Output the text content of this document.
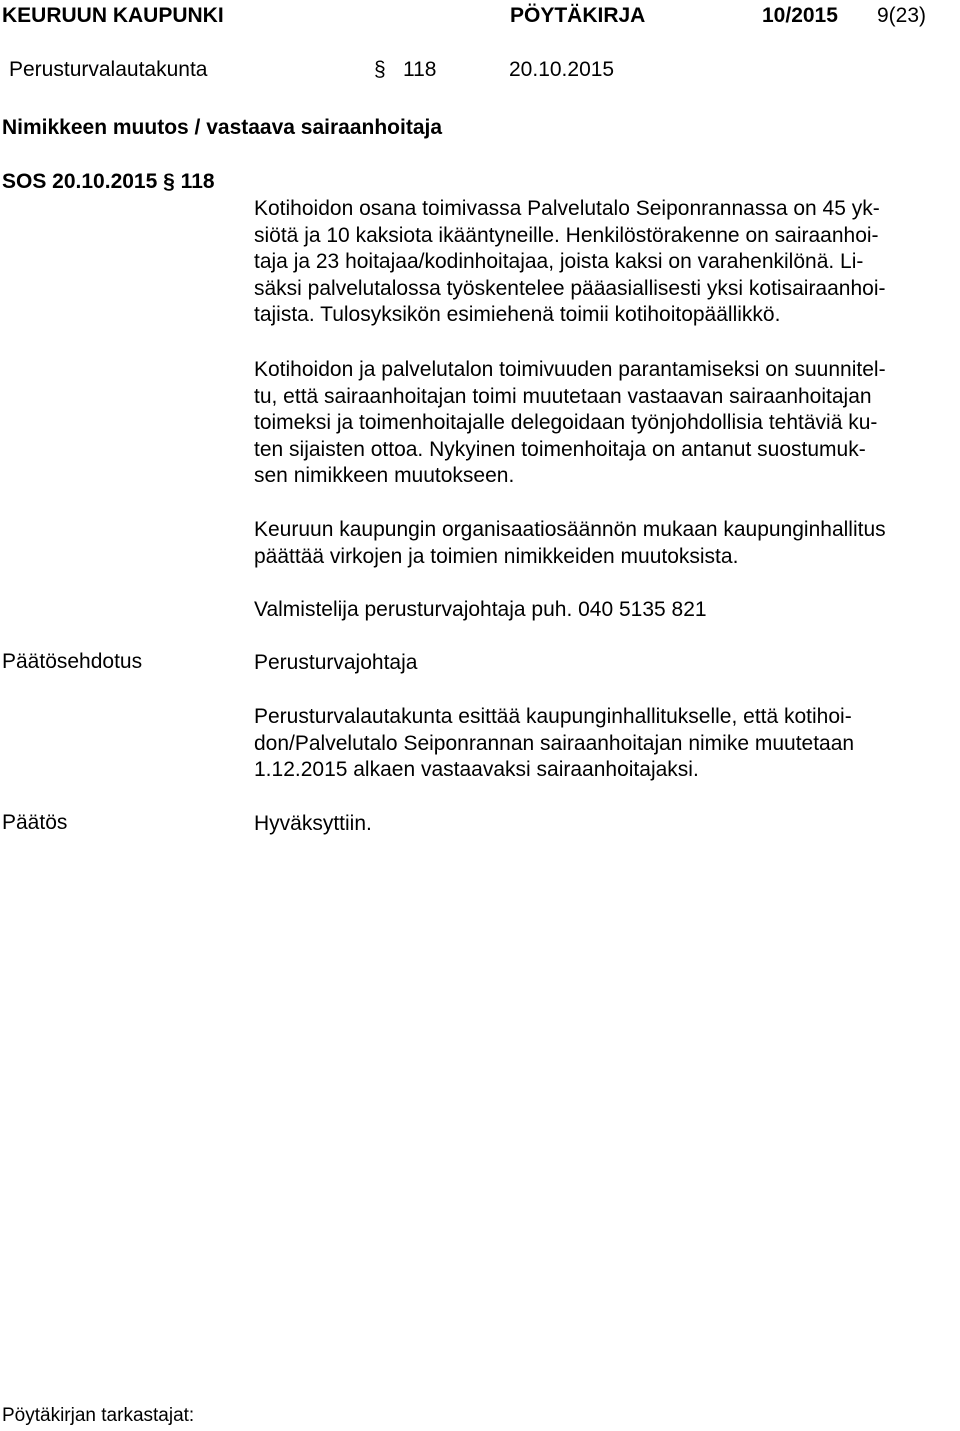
KEURUUN KAUPUNKI	PÖYTÄKIRJA	10/2015 9(23)
Perusturvalautakunta	§ 118	20.10.2015
Nimikkeen muutos / vastaava sairaanhoitaja
SOS 20.10.2015 § 118
Kotihoidon osana toimivassa Palvelutalo Seiponrannassa on 45 yk-
siötä ja 10 kaksiota ikääntyneille. Henkilöstörakenne on sairaanhoi-
taja ja 23 hoitajaa/kodinhoitajaa, joista kaksi on varahenkilönä. Li-
säksi palvelutalossa työskentelee pääasiallisesti yksi kotisairaanhoi-
tajista. Tulosyksikön esimiehenä toimii kotihoitopäällikkö.
Kotihoidon ja palvelutalon toimivuuden parantamiseksi on suunnitel-
tu, että sairaanhoitajan toimi muutetaan vastaavan sairaanhoitajan
toimeksi ja toimenhoitajalle delegoidaan työnjohdollisia tehtäviä ku-
ten sijaisten ottoa. Nykyinen toimenhoitaja on antanut suostumuk-
sen nimikkeen muutokseen.
Keuruun kaupungin organisaatiosäännön mukaan kaupunginhallitus
päättää virkojen ja toimien nimikkeiden muutoksista.
Valmistelija perusturvajohtaja puh. 040 5135 821
Päätösehdotus	Perusturvajohtaja
Perusturvalautakunta esittää kaupunginhallitukselle, että kotihoi-
don/Palvelutalo Seiponrannan sairaanhoitajan nimike muutetaan
1.12.2015 alkaen vastaavaksi sairaanhoitajaksi.
Päätös	Hyväksyttiin.
Pöytäkirjan tarkastajat:
